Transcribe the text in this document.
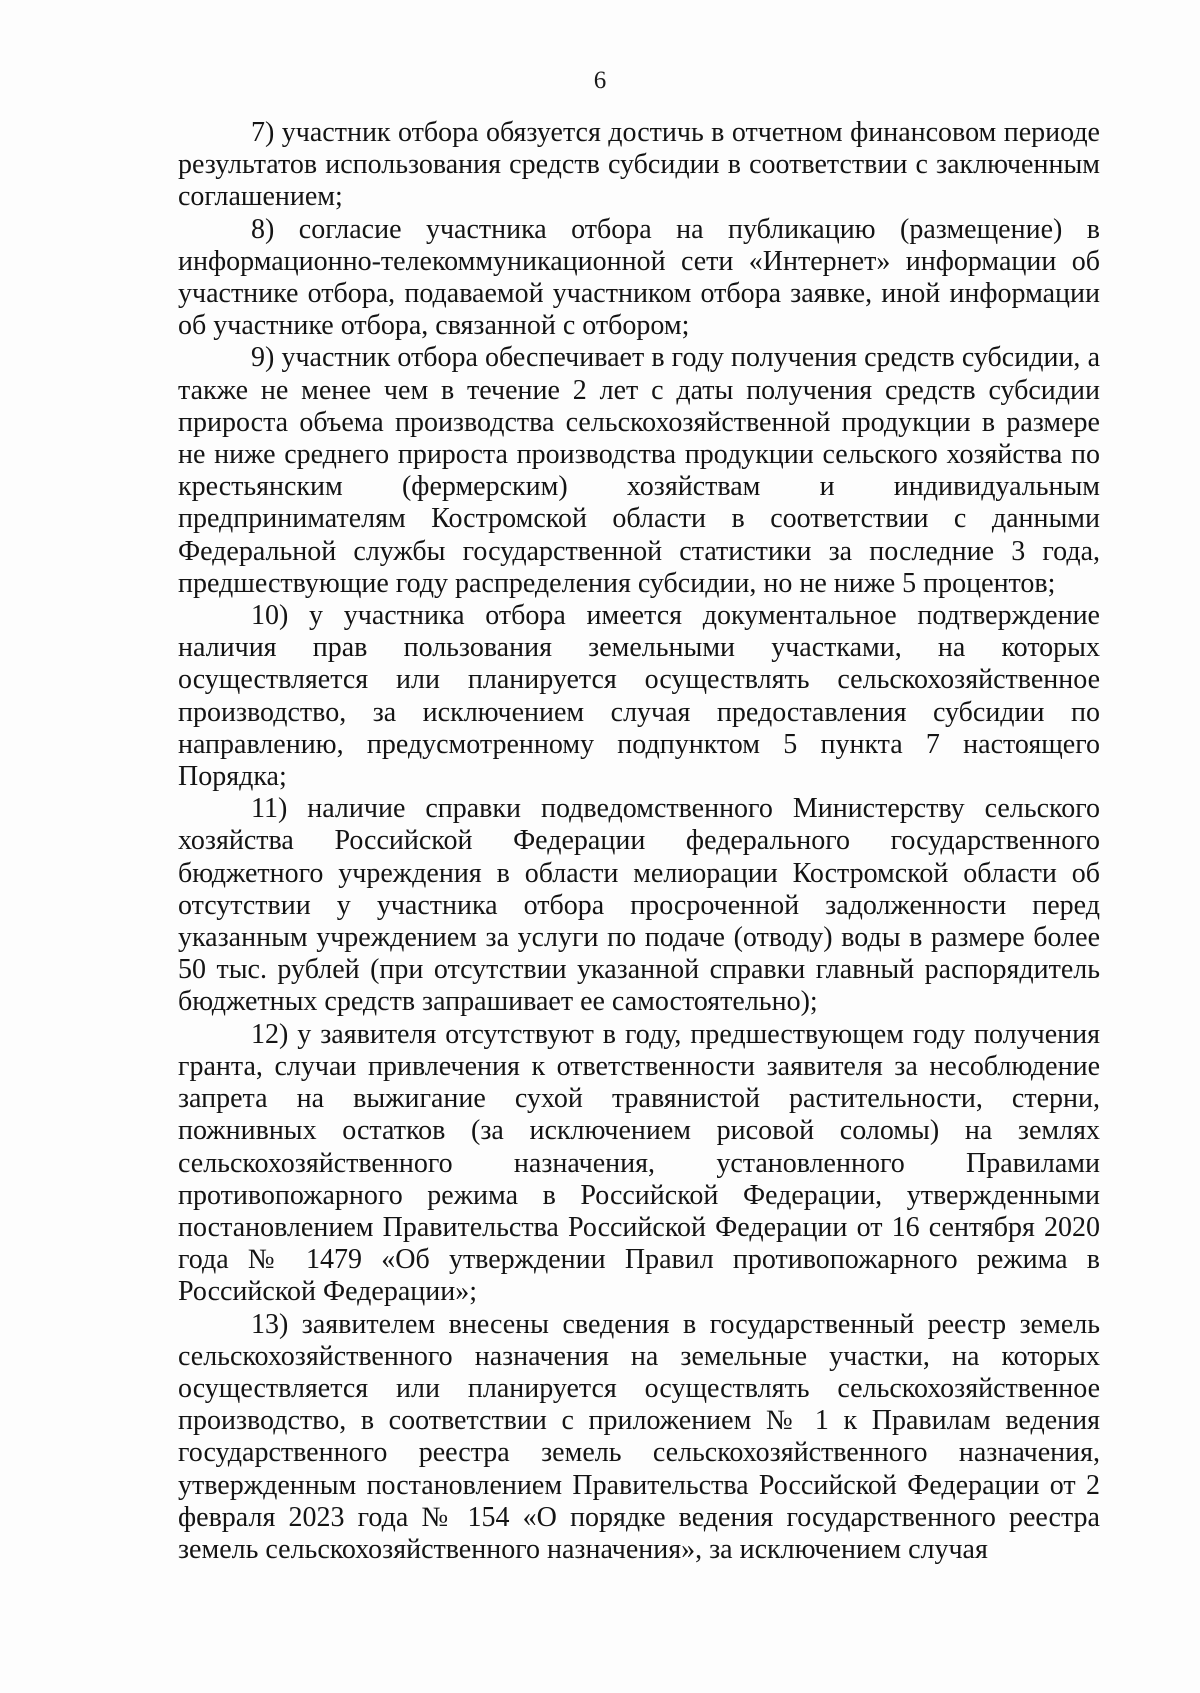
6

7) участник отбора обязуется достичь в отчетном финансовом периоде результатов использования средств субсидии в соответствии с заключенным соглашением;

8) согласие участника отбора на публикацию (размещение) в информационно-телекоммуникационной сети «Интернет» информации об участнике отбора, подаваемой участником отбора заявке, иной информации об участнике отбора, связанной с отбором;

9) участник отбора обеспечивает в году получения средств субсидии, а также не менее чем в течение 2 лет с даты получения средств субсидии прироста объема производства сельскохозяйственной продукции в размере не ниже среднего прироста производства продукции сельского хозяйства по крестьянским (фермерским) хозяйствам и индивидуальным предпринимателям Костромской области в соответствии с данными Федеральной службы государственной статистики за последние 3 года, предшествующие году распределения субсидии, но не ниже 5 процентов;

10) у участника отбора имеется документальное подтверждение наличия прав пользования земельными участками, на которых осуществляется или планируется осуществлять сельскохозяйственное производство, за исключением случая предоставления субсидии по направлению, предусмотренному подпунктом 5 пункта 7 настоящего Порядка;

11) наличие справки подведомственного Министерству сельского хозяйства Российской Федерации федерального государственного бюджетного учреждения в области мелиорации Костромской области об отсутствии у участника отбора просроченной задолженности перед указанным учреждением за услуги по подаче (отводу) воды в размере более 50 тыс. рублей (при отсутствии указанной справки главный распорядитель бюджетных средств запрашивает ее самостоятельно);

12) у заявителя отсутствуют в году, предшествующем году получения гранта, случаи привлечения к ответственности заявителя за несоблюдение запрета на выжигание сухой травянистой растительности, стерни, пожнивных остатков (за исключением рисовой соломы) на землях сельскохозяйственного назначения, установленного Правилами противопожарного режима в Российской Федерации, утвержденными постановлением Правительства Российской Федерации от 16 сентября 2020 года № 1479 «Об утверждении Правил противопожарного режима в Российской Федерации»;

13) заявителем внесены сведения в государственный реестр земель сельскохозяйственного назначения на земельные участки, на которых осуществляется или планируется осуществлять сельскохозяйственное производство, в соответствии с приложением № 1 к Правилам ведения государственного реестра земель сельскохозяйственного назначения, утвержденным постановлением Правительства Российской Федерации от 2 февраля 2023 года № 154 «О порядке ведения государственного реестра земель сельскохозяйственного назначения», за исключением случая
